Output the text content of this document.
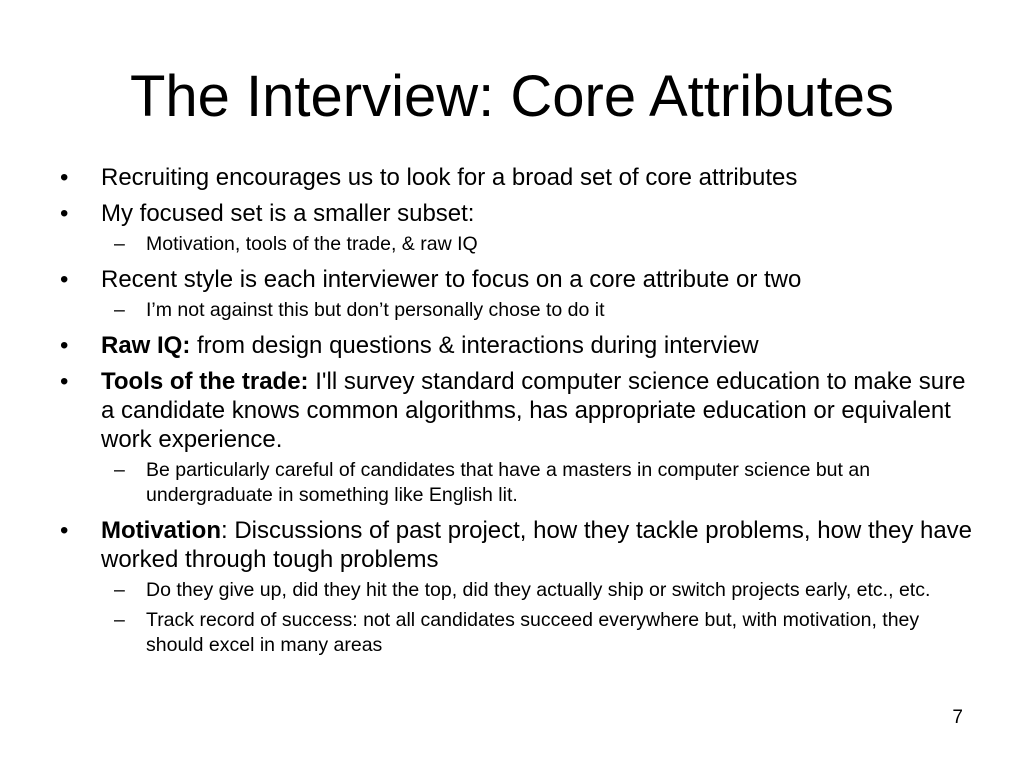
The Interview: Core Attributes
• Recruiting encourages us to look for a broad set of core attributes
• My focused set is a smaller subset:
– Motivation, tools of the trade, & raw IQ
• Recent style is each interviewer to focus on a core attribute or two
– I’m not against this but don’t personally chose to do it
• Raw IQ: from design questions & interactions during interview
• Tools of the trade: I'll survey standard computer science education to make sure a candidate knows common algorithms, has appropriate education or equivalent work experience.
– Be particularly careful of candidates that have a masters in computer science but an undergraduate in something like English lit.
• Motivation: Discussions of past project, how they tackle problems, how they have worked through tough problems
– Do they give up, did they hit the top, did they actually ship or switch projects early, etc., etc.
– Track record of success: not all candidates succeed everywhere but, with motivation, they should excel in many areas
7
